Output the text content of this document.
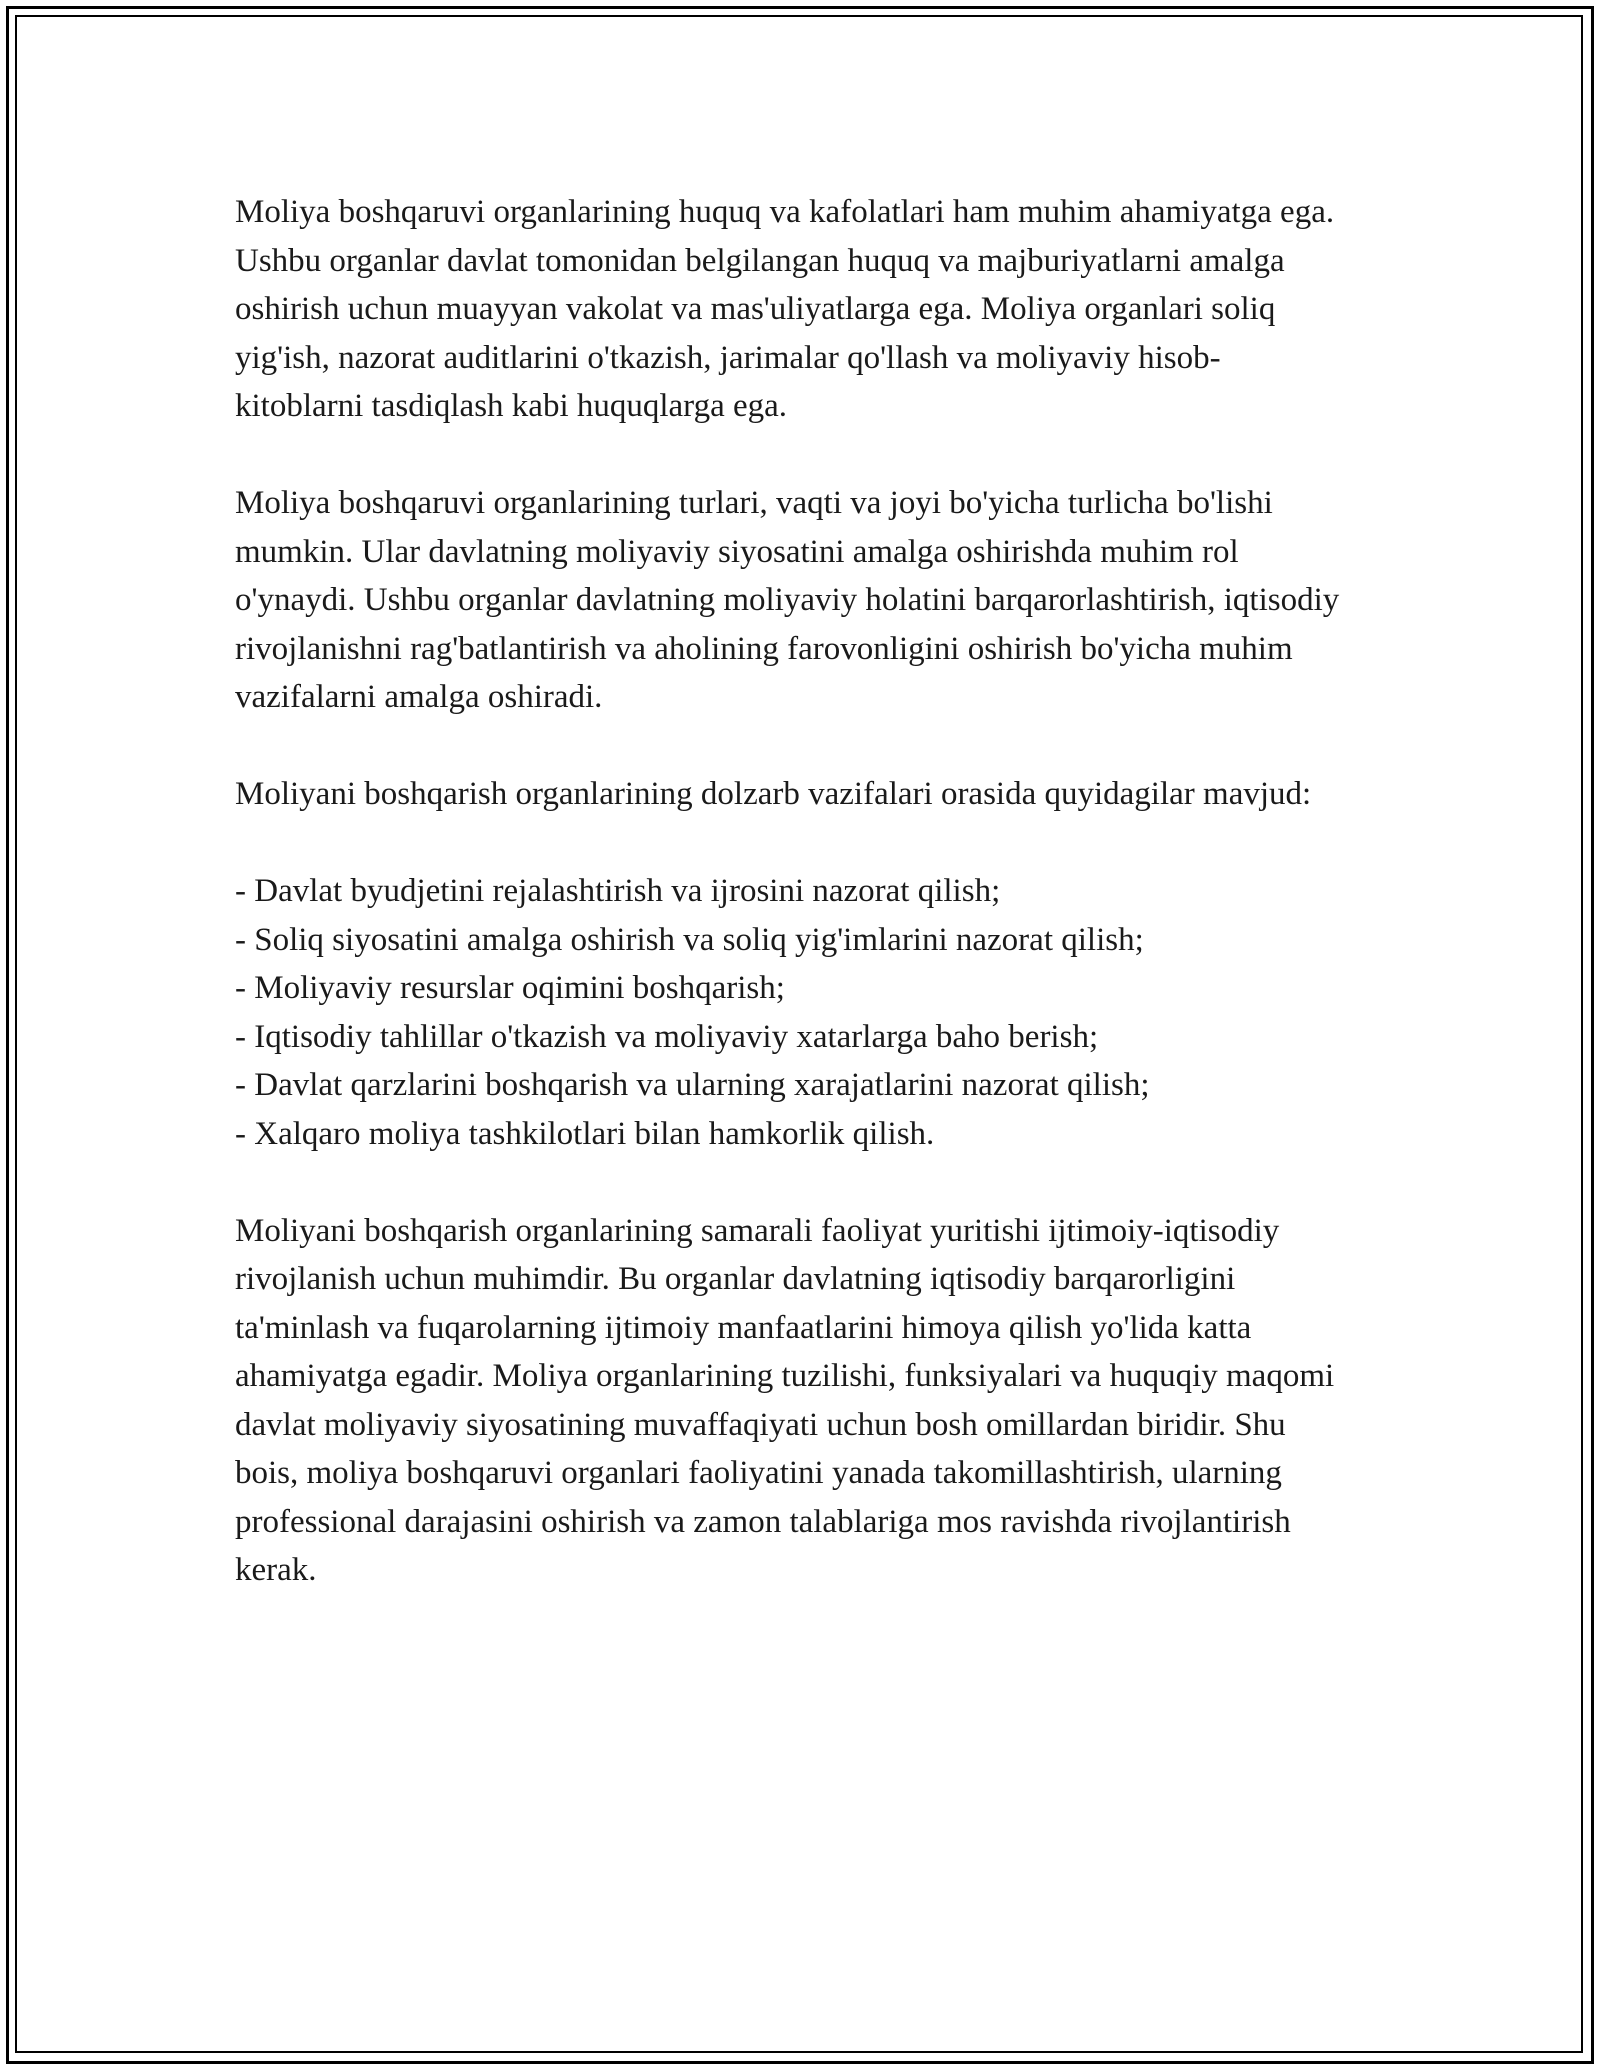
Moliya boshqaruvi organlarining huquq va kafolatlari ham muhim ahamiyatga ega. Ushbu organlar davlat tomonidan belgilangan huquq va majburiyatlarni amalga oshirish uchun muayyan vakolat va mas'uliyatlarga ega. Moliya organlari soliq yig'ish, nazorat auditlarini o'tkazish, jarimalar qo'llash va moliyaviy hisob-kitoblarni tasdiqlash kabi huquqlarga ega.

Moliya boshqaruvi organlarining turlari, vaqti va joyi bo'yicha turlicha bo'lishi mumkin. Ular davlatning moliyaviy siyosatini amalga oshirishda muhim rol o'ynaydi. Ushbu organlar davlatning moliyaviy holatini barqarorlashtirish, iqtisodiy rivojlanishni rag'batlantirish va aholining farovonligini oshirish bo'yicha muhim vazifalarni amalga oshiradi.

Moliyani boshqarish organlarining dolzarb vazifalari orasida quyidagilar mavjud:

- Davlat byudjetini rejalashtirish va ijrosini nazorat qilish;
- Soliq siyosatini amalga oshirish va soliq yig'imlarini nazorat qilish;
- Moliyaviy resurslar oqimini boshqarish;
- Iqtisodiy tahlillar o'tkazish va moliyaviy xatarlarga baho berish;
- Davlat qarzlarini boshqarish va ularning xarajatlarini nazorat qilish;
- Xalqaro moliya tashkilotlari bilan hamkorlik qilish.

Moliyani boshqarish organlarining samarali faoliyat yuritishi ijtimoiy-iqtisodiy rivojlanish uchun muhimdir. Bu organlar davlatning iqtisodiy barqarorligini ta'minlash va fuqarolarning ijtimoiy manfaatlarini himoya qilish yo'lida katta ahamiyatga egadir. Moliya organlarining tuzilishi, funksiyalari va huquqiy maqomi davlat moliyaviy siyosatining muvaffaqiyati uchun bosh omillardan biridir. Shu bois, moliya boshqaruvi organlari faoliyatini yanada takomillashtirish, ularning professional darajasini oshirish va zamon talablariga mos ravishda rivojlantirish kerak.
